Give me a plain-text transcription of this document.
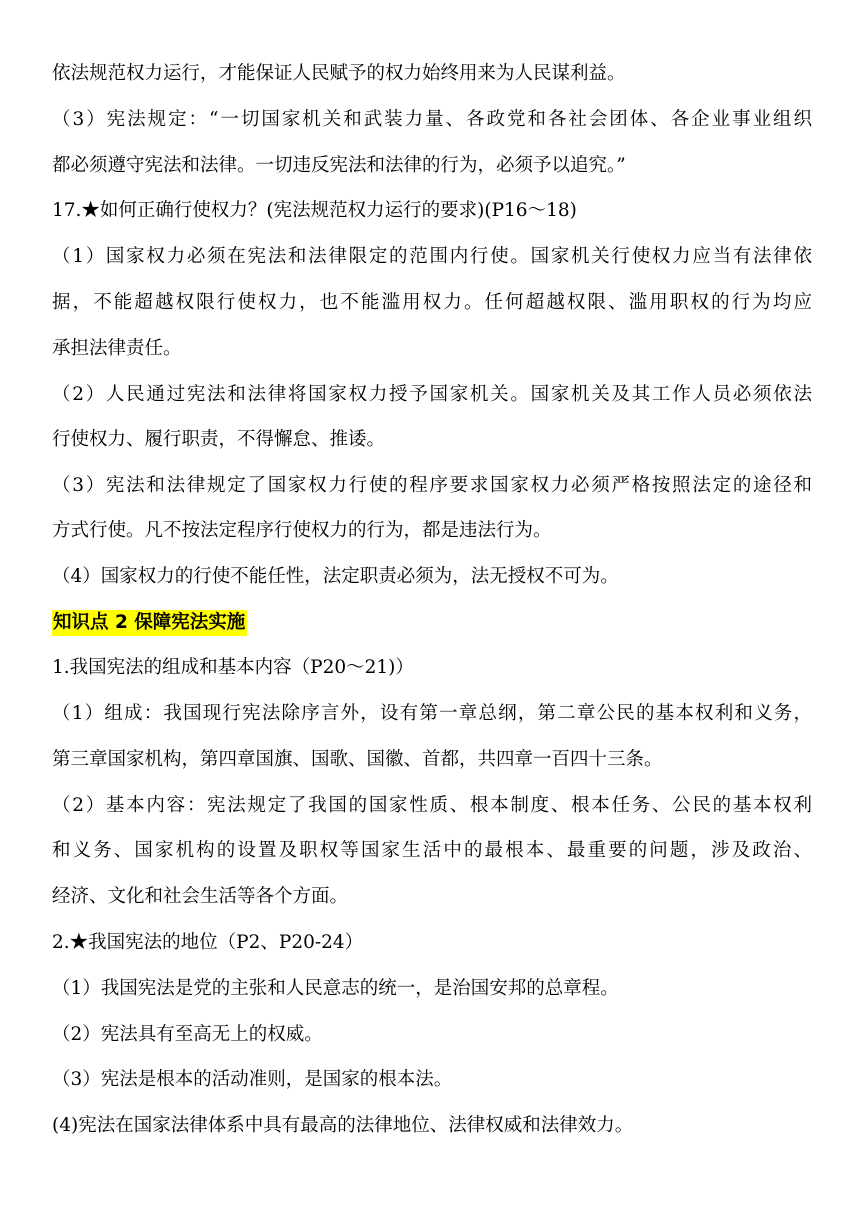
依法规范权力运行，才能保证人民赋予的权力始终用来为人民谋利益。
（3）宪法规定：“一切国家机关和武装力量、各政党和各社会团体、各企业事业组织
都必须遵守宪法和法律。一切违反宪法和法律的行为，必须予以追究。”
17.★如何正确行使权力？(宪法规范权力运行的要求)(P16～18)
（1）国家权力必须在宪法和法律限定的范围内行使。国家机关行使权力应当有法律依
据，不能超越权限行使权力，也不能滥用权力。任何超越权限、滥用职权的行为均应
承担法律责任。
（2）人民通过宪法和法律将国家权力授予国家机关。国家机关及其工作人员必须依法
行使权力、履行职责，不得懈怠、推诿。
（3）宪法和法律规定了国家权力行使的程序要求国家权力必须严格按照法定的途径和
方式行使。凡不按法定程序行使权力的行为，都是违法行为。
（4）国家权力的行使不能任性，法定职责必须为，法无授权不可为。
知识点 2 保障宪法实施
1.我国宪法的组成和基本内容（P20～21)）
（1）组成：我国现行宪法除序言外，设有第一章总纲，第二章公民的基本权利和义务，
第三章国家机构，第四章国旗、国歌、国徽、首都，共四章一百四十三条。
（2）基本内容：宪法规定了我国的国家性质、根本制度、根本任务、公民的基本权利
和义务、国家机构的设置及职权等国家生活中的最根本、最重要的问题，涉及政治、
经济、文化和社会生活等各个方面。
2.★我国宪法的地位（P2、P20-24）
（1）我国宪法是党的主张和人民意志的统一，是治国安邦的总章程。
（2）宪法具有至高无上的权威。
（3）宪法是根本的活动准则，是国家的根本法。
(4)宪法在国家法律体系中具有最高的法律地位、法律权威和法律效力。
